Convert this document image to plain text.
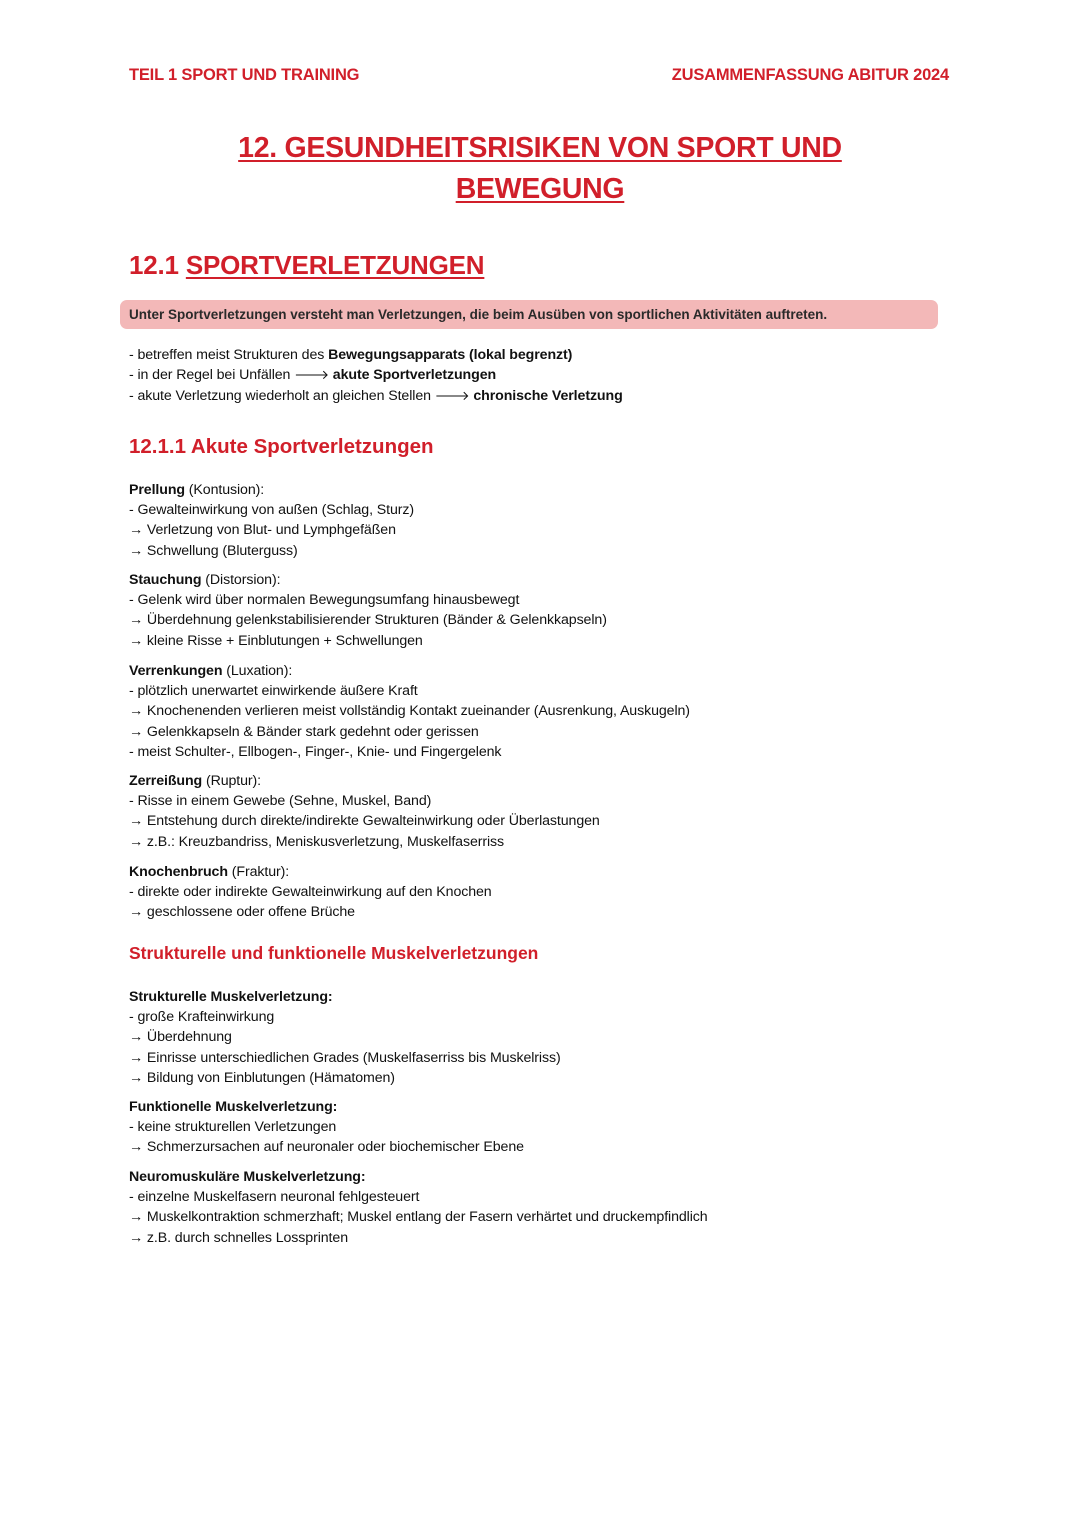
TEIL 1 SPORT UND TRAINING	ZUSAMMENFASSUNG ABITUR 2024
12. GESUNDHEITSRISIKEN VON SPORT UND
BEWEGUNG
12.1 SPORTVERLETZUNGEN
Unter Sportverletzungen versteht man Verletzungen, die beim Ausüben von sportlichen Aktivitäten auftreten.
- betreffen meist Strukturen des Bewegungsapparats (lokal begrenzt)
- in der Regel bei Unfällen 🡒 akute Sportverletzungen
- akute Verletzung wiederholt an gleichen Stellen 🡒 chronische Verletzung
12.1.1 Akute Sportverletzungen
Prellung (Kontusion):
- Gewalteinwirkung von außen (Schlag, Sturz)
→ Verletzung von Blut- und Lymphgefäßen
→ Schwellung (Bluterguss)
Stauchung (Distorsion):
- Gelenk wird über normalen Bewegungsumfang hinausbewegt
→ Überdehnung gelenkstabilisierender Strukturen (Bänder & Gelenkkapseln)
→ kleine Risse + Einblutungen + Schwellungen
Verrenkungen (Luxation):
- plötzlich unerwartet einwirkende äußere Kraft
→ Knochenenden verlieren meist vollständig Kontakt zueinander (Ausrenkung, Auskugeln)
→ Gelenkkapseln & Bänder stark gedehnt oder gerissen
- meist Schulter-, Ellbogen-, Finger-, Knie- und Fingergelenk
Zerreißung (Ruptur):
- Risse in einem Gewebe (Sehne, Muskel, Band)
→ Entstehung durch direkte/indirekte Gewalteinwirkung oder Überlastungen
→ z.B.: Kreuzbandriss, Meniskusverletzung, Muskelfaserriss
Knochenbruch (Fraktur):
- direkte oder indirekte Gewalteinwirkung auf den Knochen
→ geschlossene oder offene Brüche
Strukturelle und funktionelle Muskelverletzungen
Strukturelle Muskelverletzung:
- große Krafteinwirkung
→ Überdehnung
→ Einrisse unterschiedlichen Grades (Muskelfaserriss bis Muskelriss)
→ Bildung von Einblutungen (Hämatomen)
Funktionelle Muskelverletzung:
- keine strukturellen Verletzungen
→ Schmerzursachen auf neuronaler oder biochemischer Ebene
Neuromuskuläre Muskelverletzung:
- einzelne Muskelfasern neuronal fehlgesteuert
→ Muskelkontraktion schmerzhaft; Muskel entlang der Fasern verhärtet und druckempfindlich
→ z.B. durch schnelles Lossprinten
